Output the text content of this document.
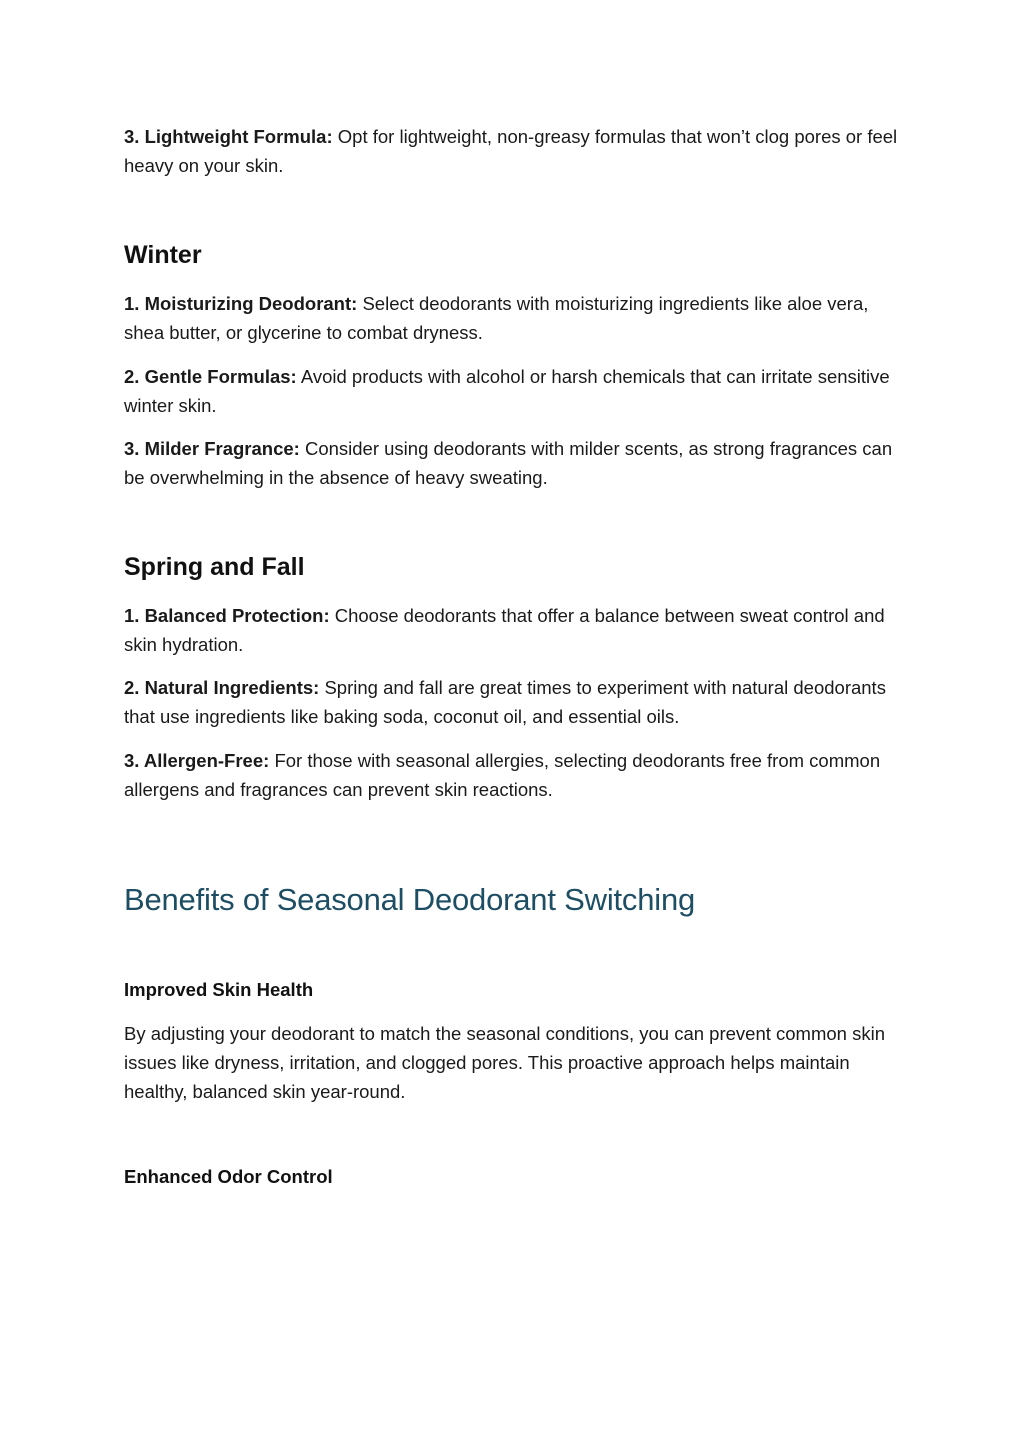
3. Lightweight Formula: Opt for lightweight, non-greasy formulas that won’t clog pores or feel heavy on your skin.

Winter

1. Moisturizing Deodorant: Select deodorants with moisturizing ingredients like aloe vera, shea butter, or glycerine to combat dryness.

2. Gentle Formulas: Avoid products with alcohol or harsh chemicals that can irritate sensitive winter skin.

3. Milder Fragrance: Consider using deodorants with milder scents, as strong fragrances can be overwhelming in the absence of heavy sweating.

Spring and Fall

1. Balanced Protection: Choose deodorants that offer a balance between sweat control and skin hydration.

2. Natural Ingredients: Spring and fall are great times to experiment with natural deodorants that use ingredients like baking soda, coconut oil, and essential oils.

3. Allergen-Free: For those with seasonal allergies, selecting deodorants free from common allergens and fragrances can prevent skin reactions.

Benefits of Seasonal Deodorant Switching
Improved Skin Health

By adjusting your deodorant to match the seasonal conditions, you can prevent common skin issues like dryness, irritation, and clogged pores. This proactive approach helps maintain healthy, balanced skin year-round.

Enhanced Odor Control
